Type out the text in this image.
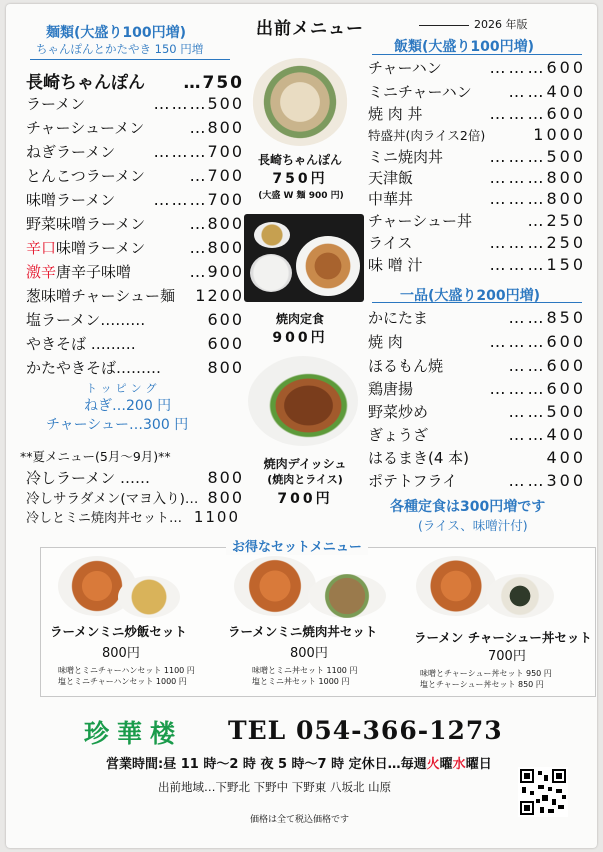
出前メニュー	2026 年版
麺類(大盛り100円増)
ちゃんぽんとかたやき 150 円増
長崎ちゃんぽん …750
ラーメン	………500
チャーシューメン	…800
ねぎラーメン ………700
とんこつラーメン	…700
味噌ラーメン ………700
野菜味噌ラーメン	…800
辛口味噌ラーメン	…800
激辛唐辛子味噌	…900
葱味噌チャーシュー麺 1200
塩ラーメン………	600
やきそば ………	600
かたやきそば………	800
トッピング
ねぎ…200 円
チャーシュー…300 円
**夏メニュー(5月〜9月)**
冷しラーメン ……	800
冷しサラダメン(マヨ入り)… 800
冷しとミニ焼肉丼セット… 1100
長崎ちゃんぽん
750円
(大盛 W 麺 900 円)
焼肉定食
900円
焼肉デイッシュ
(焼肉とライス)
700円
飯類(大盛り100円増)
チャーハン	………600
ミニチャーハン ……400
焼 肉 丼	………600
特盛丼(肉ライス2倍)	1000
ミニ焼肉丼	………500
天津飯	………800
中華丼	………800
チャーシュー丼	…250
ライス	………250
味 噌 汁	………150
一品(大盛り200円増)
かにたま	……850
焼 肉	………600
ほるもん焼	……600
鶏唐揚	………600
野菜炒め	……500
ぎょうざ	……400
はるまき(4 本)	400
ポテトフライ	……300
各種定食は300円増です
(ライス、味噌汁付)
お得なセットメニュー
ラーメンミニ炒飯セット
800円
味噌とミニチャーハンセット 1100 円
塩とミニチャーハンセット 1000 円
ラーメンミニ焼肉丼セット
800円
味噌とミニ丼セット 1100 円
塩とミニ丼セット 1000 円
ラーメン チャーシュー丼セット
700円
味噌とチャーシュー丼セット 950 円
塩とチャーシュー丼セット 850 円
珍華楼 TEL 054-366-1273
営業時間:昼 11 時〜2 時 夜 5 時〜7 時 定休日…毎週火曜水曜日
出前地域…下野北 下野中 下野東 八坂北 山原
価格は全て税込価格です
